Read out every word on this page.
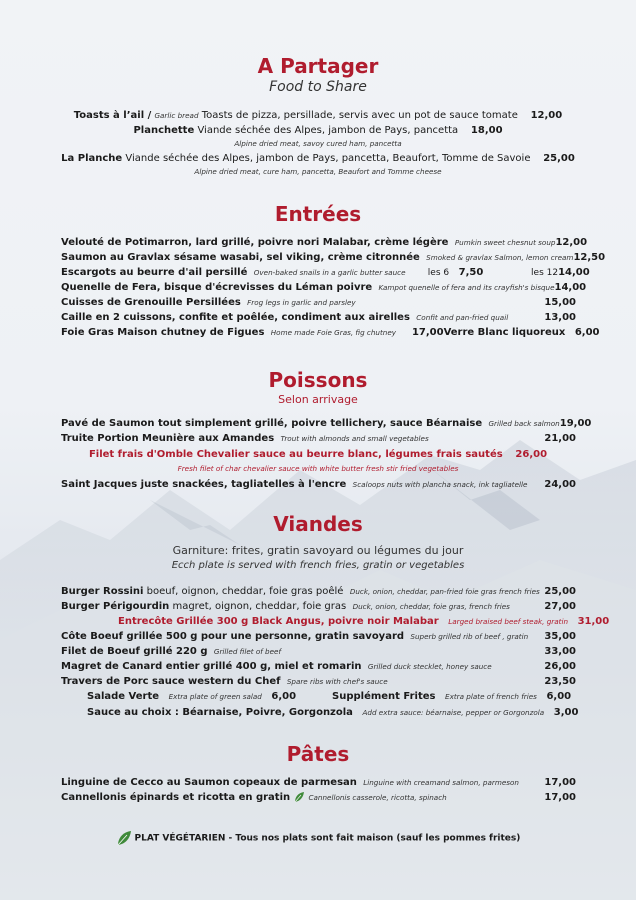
A Partager

Food to Share

Toasts à l’ail / Garlic bread Toasts de pizza, persillade, servis avec un pot de sauce tomate 12,00
Planchette Viande séchée des Alpes, jambon de Pays, pancetta 18,00
Alpine dried meat, savoy cured ham, pancetta
La Planche Viande séchée des Alpes, jambon de Pays, pancetta, Beaufort, Tomme de Savoie 25,00
Alpine dried meat, cure ham, pancetta, Beaufort and Tomme cheese
Entrées
Velouté de Potimarron, lard grillé, poivre nori Malabar, crème légère Pumkin sweet chesnut soup 12,00
Saumon au Gravlax sésame wasabi, sel viking, crème citronnée Smoked & gravlax Salmon, lemon cream 12,50
Escargots au beurre d'ail persillé Oven-baked snails in a garlic butter sauce les 6 7,50	les 12 14,00
Quenelle de Fera, bisque d'écrevisses du Léman poivre Kampot quenelle of fera and its crayfish's bisque 14,00
Cuisses de Grenouille Persillées Frog legs in garlic and parsley	15,00
Caille en 2 cuissons, confite et poêlée, condiment aux airelles Confit and pan-fried quail	13,00
Foie Gras Maison chutney de Figues Home made Foie Gras, fig chutney 17,00 Verre Blanc liquoreux 6,00
Poissons

Selon arrivage

Pavé de Saumon tout simplement grillé, poivre tellichery, sauce Béarnaise Grilled back salmon 19,00
Truite Portion Meunière aux Amandes Trout with almonds and small vegetables	21,00
Filet frais d'Omble Chevalier sauce au beurre blanc, légumes frais sautés 26,00
Fresh filet of char chevalier sauce with white butter fresh stir fried vegetables
Saint Jacques juste snackées, tagliatelles à l'encre Scaloops nuts with plancha snack, ink tagliatelle 24,00
Viandes

Garniture: frites, gratin savoyard ou légumes du jour

Ecch plate is served with french fries, gratin or vegetables

Burger Rossini boeuf, oignon, cheddar, foie gras poêlé Duck, onion, cheddar, pan-fried foie gras french fries 25,00
Burger Périgourdin magret, oignon, cheddar, foie gras Duck, onion, cheddar, foie gras, french fries	27,00
Entrecôte Grillée 300 g Black Angus, poivre noir Malabar Larged braised beef steak, gratin 31,00
Côte Boeuf grillée 500 g pour une personne, gratin savoyard Superb grilled rib of beef , gratin 35,00
Filet de Boeuf grillé 220 g Grilled filet of beef	33,00
Magret de Canard entier grillé 400 g, miel et romarin Grilled duck stecklet, honey sauce	26,00
Travers de Porc sauce western du Chef Spare ribs with chef's sauce	23,50
Salade Verte Extra plate of green salad 6,00	Supplément Frites Extra plate of french fries 6,00
Sauce au choix : Béarnaise, Poivre, Gorgonzola Add extra sauce: béarnaise, pepper or Gorgonzola 3,00
Pâtes
Linguine de Cecco au Saumon copeaux de parmesan Linguine with creamand salmon, parmeson	17,00
Cannellonis épinards et ricotta en gratin	Cannellonis casserole, ricotta, spinach	17,00
PLAT VÉGÉTARIEN - Tous nos plats sont fait maison (sauf les pommes frites)
